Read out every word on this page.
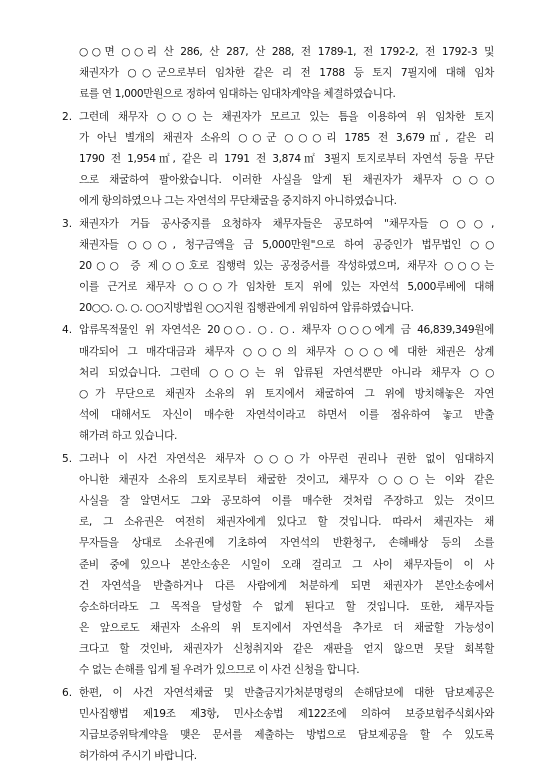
○○면 ○○리 산 286, 산 287, 산 288, 전 1789-1, 전 1792-2, 전 1792-3 및
채권자가 ○○군으로부터 임차한 같은 리 전 1788 등 토지 7필지에 대해 임차
료를 연 1,000만원으로 정하여 임대하는 임대차계약을 체결하였습니다.
2. 그런데 채무자 ○○○는 채권자가 모르고 있는 틈을 이용하여 위 임차한 토지
가 아닌 별개의 채권자 소유의 ○○군 ○○○리 1785 전 3,679㎡, 같은 리
1790 전 1,954㎡, 같은 리 1791 전 3,874㎡ 3필지 토지로부터 자연석 등을 무단
으로 채굴하여 팔아왔습니다. 이러한 사실을 알게 된 채권자가 채무자 ○○○
에게 항의하였으나 그는 자연석의 무단채굴을 중지하지 아니하였습니다.
3. 채권자가 거듭 공사중지를 요청하자 채무자들은 공모하여 "채무자들 ○○○,
채권자들 ○○○, 청구금액을 금 5,000만원"으로 하여 공증인가 법무법인 ○○
20○○ 증 제○○호로 집행력 있는 공정증서를 작성하였으며, 채무자 ○○○는
이를 근거로 채무자 ○○○가 임차한 토지 위에 있는 자연석 5,000루베에 대해
20○○. ○. ○. ○○지방법원 ○○지원 집행관에게 위임하여 압류하였습니다.
4. 압류목적물인 위 자연석은 20○○. ○. ○. 채무자 ○○○에게 금 46,839,349원에
매각되어 그 매각대금과 채무자 ○○○의 채무자 ○○○에 대한 채권은 상계
처리 되었습니다. 그런데 ○○○는 위 압류된 자연석뿐만 아니라 채무자 ○○
○가 무단으로 채권자 소유의 위 토지에서 채굴하여 그 위에 방치해놓은 자연
석에 대해서도 자신이 매수한 자연석이라고 하면서 이를 점유하여 놓고 반출
해가려 하고 있습니다.
5. 그러나 이 사건 자연석은 채무자 ○○○가 아무런 권리나 권한 없이 임대하지
아니한 채권자 소유의 토지로부터 채굴한 것이고, 채무자 ○○○는 이와 같은
사실을 잘 알면서도 그와 공모하여 이를 매수한 것처럼 주장하고 있는 것이므
로, 그 소유권은 여전히 채권자에게 있다고 할 것입니다. 따라서 채권자는 채
무자들을 상대로 소유권에 기초하여 자연석의 반환청구, 손해배상 등의 소를
준비 중에 있으나 본안소송은 시일이 오래 걸리고 그 사이 채무자들이 이 사
건 자연석을 반출하거나 다른 사람에게 처분하게 되면 채권자가 본안소송에서
승소하더라도 그 목적을 달성할 수 없게 된다고 할 것입니다. 또한, 채무자들
은 앞으로도 채권자 소유의 위 토지에서 자연석을 추가로 더 채굴할 가능성이
크다고 할 것인바, 채권자가 신청취지와 같은 재판을 얻지 않으면 못달 회복할
수 없는 손해를 입게 될 우려가 있으므로 이 사건 신청을 합니다.
6. 한편, 이 사건 자연석채굴 및 반출금지가처분명령의 손해담보에 대한 담보제공은
민사집행법 제19조 제3항, 민사소송법 제122조에 의하여 보증보험주식회사와
지급보증위탁계약을 맺은 문서를 제출하는 방법으로 담보제공을 할 수 있도록
허가하여 주시기 바랍니다.
